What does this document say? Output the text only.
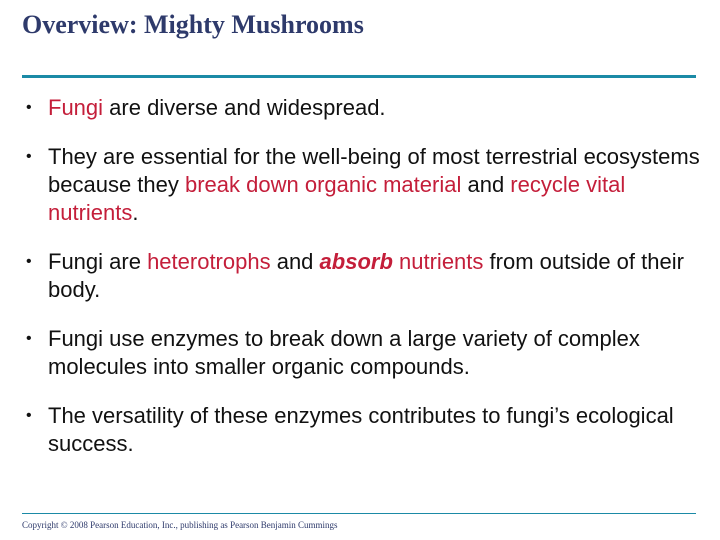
Overview: Mighty Mushrooms
• Fungi are diverse and widespread.
• They are essential for the well-being of most terrestrial ecosystems because they break down organic material and recycle vital nutrients.
• Fungi are heterotrophs and absorb nutrients from outside of their body.
• Fungi use enzymes to break down a large variety of complex molecules into smaller organic compounds.
• The versatility of these enzymes contributes to fungi’s ecological success.
Copyright © 2008 Pearson Education, Inc., publishing as Pearson Benjamin Cummings
